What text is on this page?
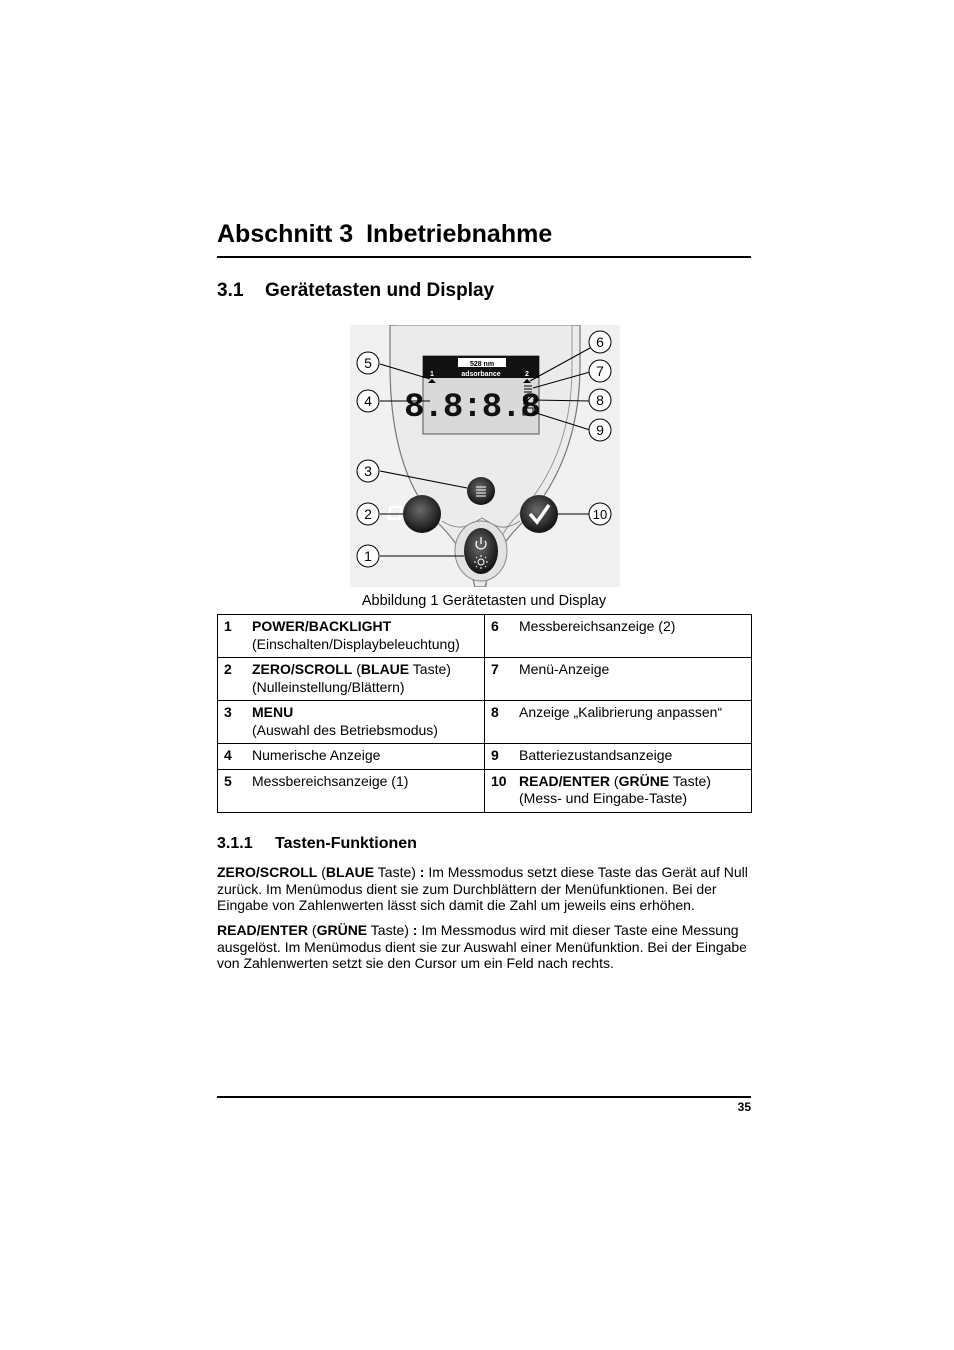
Abschnitt 3 Inbetriebnahme
3.1 Gerätetasten und Display
528 nm
adsorbance
1	2
8.8:8.8
5
4
3
2
1
6
7
8
9
10
Abbildung 1 Gerätetasten und Display
1 POWER/BACKLIGHT
(Einschalten/Displaybeleuchtung)	6 Messbereichsanzeige (2)
2 ZERO/SCROLL (BLAUE Taste)
(Nulleinstellung/Blättern)	7 Menü-Anzeige
3 MENU
(Auswahl des Betriebsmodus)	8 Anzeige „Kalibrierung anpassen“
4 Numerische Anzeige	9 Batteriezustandsanzeige
5 Messbereichsanzeige (1)	10 READ/ENTER (GRÜNE Taste)
(Mess- und Eingabe-Taste)
3.1.1 Tasten-Funktionen

ZERO/SCROLL (BLAUE Taste) : Im Messmodus setzt diese Taste das Gerät auf Null zurück. Im Menümodus dient sie zum Durchblättern der Menüfunktionen. Bei der Eingabe von Zahlenwerten lässt sich damit die Zahl um jeweils eins erhöhen.

READ/ENTER (GRÜNE Taste) : Im Messmodus wird mit dieser Taste eine Messung ausgelöst. Im Menümodus dient sie zur Auswahl einer Menüfunktion. Bei der Eingabe von Zahlenwerten setzt sie den Cursor um ein Feld nach rechts.

35
